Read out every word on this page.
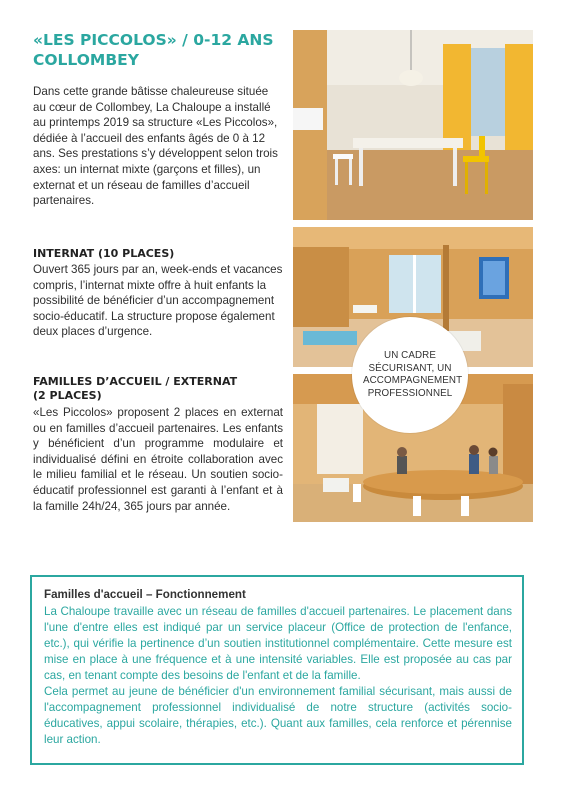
«LES PICCOLOS» / 0-12 ANS
COLLOMBEY

Dans cette grande bâtisse chaleureuse située au cœur de Collombey, La Chaloupe a installé au printemps 2019 sa structure «Les Piccolos», dédiée à l’accueil des enfants âgés de 0 à 12 ans. Ses prestations s’y développent selon trois axes: un internat mixte (garçons et filles), un externat et un réseau de familles d’accueil partenaires.

INTERNAT (10 PLACES)

Ouvert 365 jours par an, week-ends et vacances compris, l’internat mixte offre à huit enfants la possibilité de bénéficier d’un accompagnement socio-éducatif. La structure propose également deux places d’urgence.

FAMILLES D’ACCUEIL / EXTERNAT
(2 PLACES)

«Les Piccolos» proposent 2 places en externat ou en familles d’accueil partenaires. Les enfants y bénéficient d’un programme modulaire et individualisé défini en étroite collaboration avec le milieu familial et le réseau. Un soutien socio-éducatif professionnel est garanti à l’enfant et à la famille 24h/24, 365 jours par année.

UN CADRE SÉCURISANT, UN ACCOMPAGNEMENT PROFESSIONNEL

Familles d'accueil – Fonctionnement

La Chaloupe travaille avec un réseau de familles d'accueil partenaires. Le placement dans l'une d'entre elles est indiqué par un service placeur (Office de protection de l'enfance, etc.), qui vérifie la pertinence d’un soutien institutionnel complémentaire. Cette mesure est mise en place à une fréquence et à une intensité variables. Elle est proposée au cas par cas, en tenant compte des besoins de l'enfant et de la famille.

Cela permet au jeune de bénéficier d'un environnement familial sécurisant, mais aussi de l'accompagnement professionnel individualisé de notre structure (activités socio-éducatives, appui scolaire, thérapies, etc.). Quant aux familles, cela renforce et pérennise leur action.
